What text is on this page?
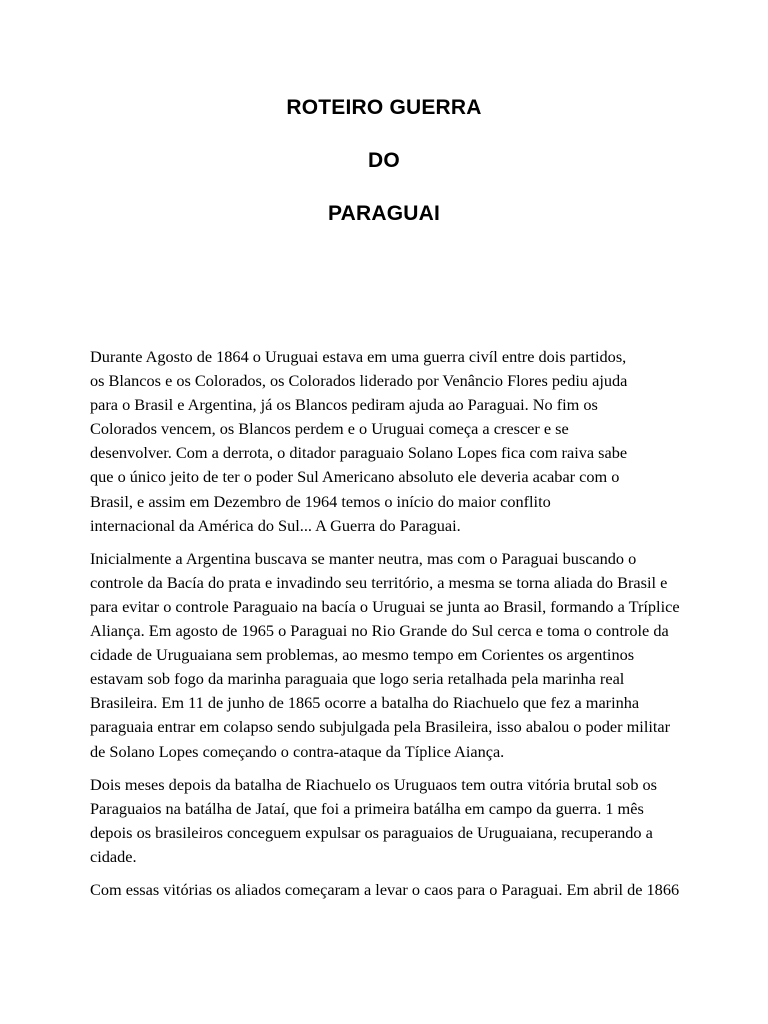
ROTEIRO GUERRA
DO
PARAGUAI

Durante Agosto de 1864 o Uruguai estava em uma guerra civíl entre dois partidos,
os Blancos e os Colorados, os Colorados liderado por Venâncio Flores pediu ajuda
para o Brasil e Argentina, já os Blancos pediram ajuda ao Paraguai. No fim os
Colorados vencem, os Blancos perdem e o Uruguai começa a crescer e se
desenvolver. Com a derrota, o ditador paraguaio Solano Lopes fica com raiva sabe
que o único jeito de ter o poder Sul Americano absoluto ele deveria acabar com o
Brasil, e assim em Dezembro de 1964 temos o início do maior conflito
internacional da América do Sul... A Guerra do Paraguai.

Inicialmente a Argentina buscava se manter neutra, mas com o Paraguai buscando o
controle da Bacía do prata e invadindo seu território, a mesma se torna aliada do Brasil e
para evitar o controle Paraguaio na bacía o Uruguai se junta ao Brasil, formando a Tríplice
Aliança. Em agosto de 1965 o Paraguai no Rio Grande do Sul cerca e toma o controle da
cidade de Uruguaiana sem problemas, ao mesmo tempo em Corientes os argentinos
estavam sob fogo da marinha paraguaia que logo seria retalhada pela marinha real
Brasileira. Em 11 de junho de 1865 ocorre a batalha do Riachuelo que fez a marinha
paraguaia entrar em colapso sendo subjulgada pela Brasileira, isso abalou o poder militar
de Solano Lopes começando o contra-ataque da Típlice Aiança.

Dois meses depois da batalha de Riachuelo os Uruguaos tem outra vitória brutal sob os
Paraguaios na batálha de Jataí, que foi a primeira batálha em campo da guerra. 1 mês
depois os brasileiros conceguem expulsar os paraguaios de Uruguaiana, recuperando a
cidade.

Com essas vitórias os aliados começaram a levar o caos para o Paraguai. Em abril de 1866
